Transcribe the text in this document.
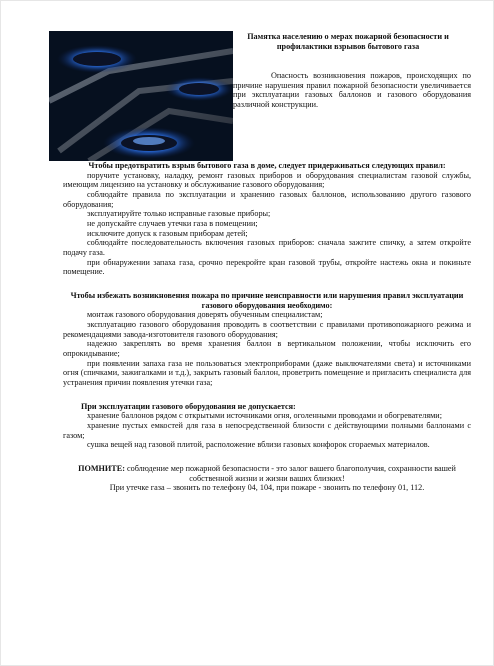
Памятка населению о мерах пожарной безопасности и профилактики взрывов бытового газа

Опасность возникновения пожаров, происходящих по причине нарушения правил пожарной безопасности увеличивается при эксплуатации газовых баллонов и газового оборудования различной конструкции.

Чтобы предотвратить взрыв бытового газа в доме, следует придерживаться следующих правил:

поручите установку, наладку, ремонт газовых приборов и оборудования специалистам газовой службы, имеющим лицензию на установку и обслуживание газового оборудования;

соблюдайте правила по эксплуатации и хранению газовых баллонов, использованию другого газового оборудования;

эксплуатируйте только исправные газовые приборы;

не допускайте случаев утечки газа в помещении;

исключите допуск к газовым приборам детей;

соблюдайте последовательность включения газовых приборов: сначала зажгите спичку, а затем откройте подачу газа.

при обнаружении запаха газа, срочно перекройте кран газовой трубы, откройте настежь окна и покиньте помещение.

Чтобы избежать возникновения пожара по причине неисправности или нарушения правил эксплуатации газового оборудования необходимо:

монтаж газового оборудования доверять обученным специалистам;

эксплуатацию газового оборудования проводить в соответствии с правилами противопожарного режима и рекомендациями завода-изготовителя газового оборудования;

надежно закреплять во время хранения баллон в вертикальном положении, чтобы исключить его опрокидывание;

при появлении запаха газа не пользоваться электроприборами (даже выключателями света) и источниками огня (спичками, зажигалками и т.д.), закрыть газовый баллон, проветрить помещение и пригласить специалиста для устранения причин появления утечки газа;

При эксплуатации газового оборудования не допускается:

хранение баллонов рядом с открытыми источниками огня, оголенными проводами и обогревателями;

хранение пустых емкостей для газа в непосредственной близости с действующими полными баллонами с газом;

сушка вещей над газовой плитой, расположение вблизи газовых конфорок сгораемых материалов.

ПОМНИТЕ: соблюдение мер пожарной безопасности - это залог вашего благополучия, сохранности вашей собственной жизни и жизни ваших близких!

При утечке газа – звонить по телефону 04, 104, при пожаре - звонить по телефону 01, 112.
